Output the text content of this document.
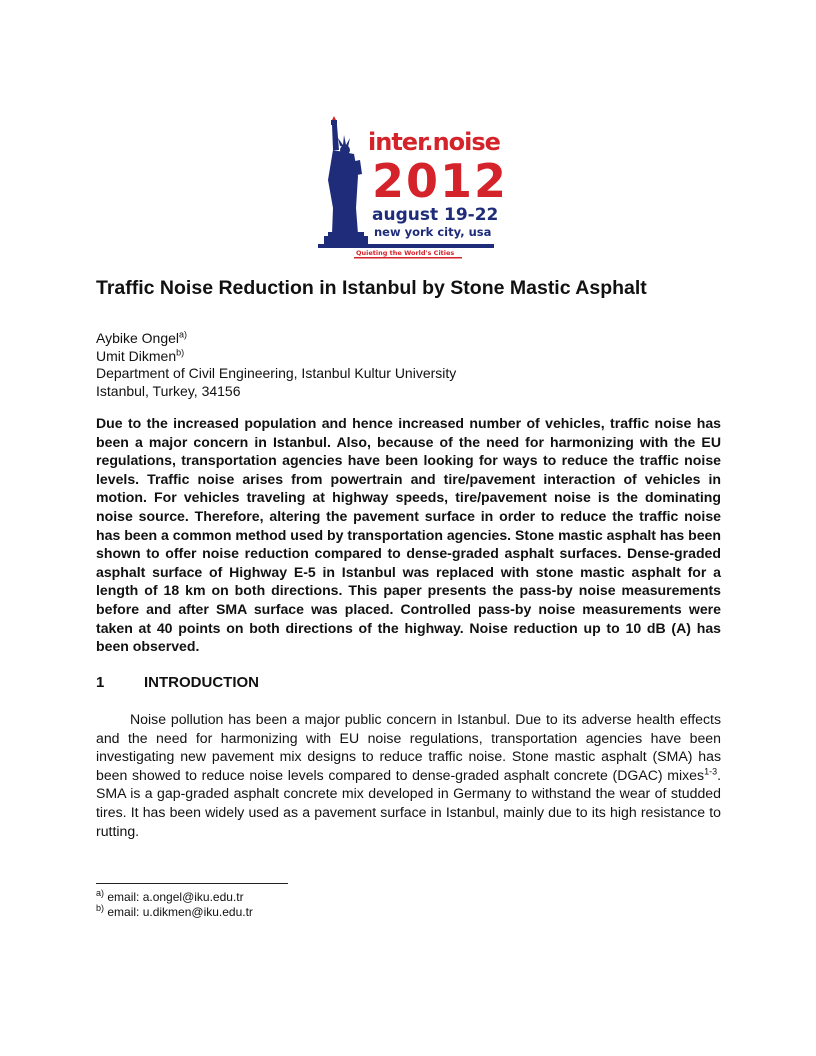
inter.noise
2012
august 19-22
new york city, usa
Quieting the World's Cities
Traffic Noise Reduction in Istanbul by Stone Mastic Asphalt
Aybike Ongel$^{a)}$
Umit Dikmen$^{b)}$
Department of Civil Engineering, Istanbul Kultur University
Istanbul, Turkey, 34156

Due to the increased population and hence increased number of vehicles, traffic noise has been a major concern in Istanbul. Also, because of the need for harmonizing with the EU regulations, transportation agencies have been looking for ways to reduce the traffic noise levels. Traffic noise arises from powertrain and tire/pavement interaction of vehicles in motion. For vehicles traveling at highway speeds, tire/pavement noise is the dominating noise source. Therefore, altering the pavement surface in order to reduce the traffic noise has been a common method used by transportation agencies. Stone mastic asphalt has been shown to offer noise reduction compared to dense-graded asphalt surfaces. Dense-graded asphalt surface of Highway E-5 in Istanbul was replaced with stone mastic asphalt for a length of 18 km on both directions. This paper presents the pass-by noise measurements before and after SMA surface was placed. Controlled pass-by noise measurements were taken at 40 points on both directions of the highway. Noise reduction up to 10 dB (A) has been observed.

1	INTRODUCTION

Noise pollution has been a major public concern in Istanbul. Due to its adverse health effects and the need for harmonizing with EU noise regulations, transportation agencies have been investigating new pavement mix designs to reduce traffic noise. Stone mastic asphalt (SMA) has been showed to reduce noise levels compared to dense-graded asphalt concrete (DGAC) mixes$^{1-3}$. SMA is a gap-graded asphalt concrete mix developed in Germany to withstand the wear of studded tires. It has been widely used as a pavement surface in Istanbul, mainly due to its high resistance to rutting.

$^{a)}$ email: a.ongel@iku.edu.tr
$^{b)}$ email: u.dikmen@iku.edu.tr
